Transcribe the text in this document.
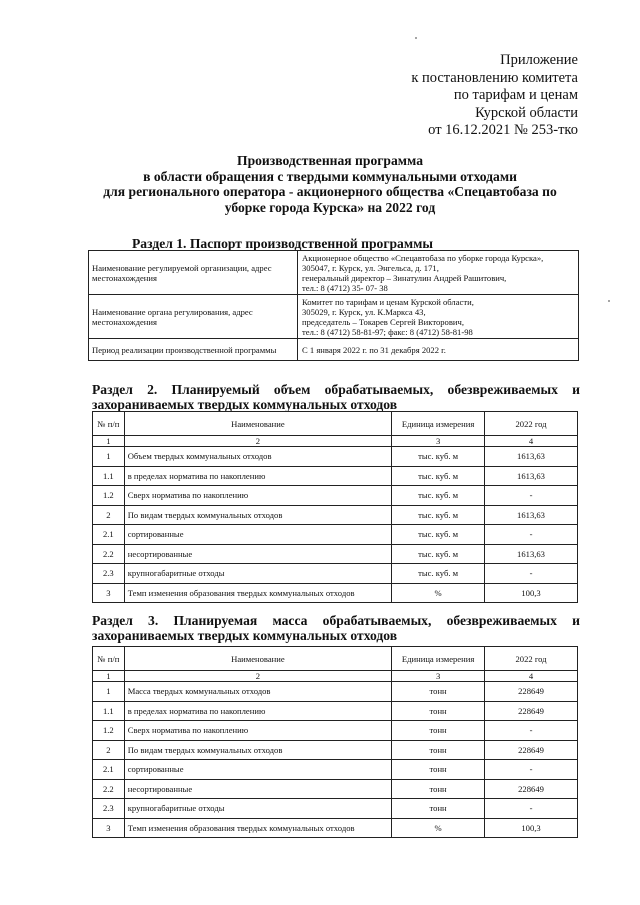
Приложение
к постановлению комитета
по тарифам и ценам
Курской области
от 16.12.2021 № 253-тко
Производственная программа
в области обращения с твердыми коммунальными отходами
для регионального оператора - акционерного общества «Спецавтобаза по
уборке города Курска» на 2022 год
Раздел 1. Паспорт производственной программы
Наименование регулируемой организации, адрес местонахождения	Акционерное общество «Спецавтобаза по уборке города Курска»,
305047, г. Курск, ул. Энгельса, д. 171,
генеральный директор – Зинатулин Андрей Рашитович,
тел.: 8 (4712) 35- 07- 38

Наименование органа регулирования, адрес местонахождения	Комитет по тарифам и ценам Курской области,
305029, г. Курск, ул. К.Маркса 43,
председатель – Токарев Сергей Викторович,
тел.: 8 (4712) 58-81-97; факс: 8 (4712) 58-81-98

Период реализации производственной программы	С 1 января 2022 г. по 31 декабря 2022 г.
Раздел 2. Планируемый объем обрабатываемых, обезвреживаемых и захораниваемых твердых коммунальных отходов
№ п/п	Наименование	Единица измерения	2022 год
1	2	3	4
1	Объем твердых коммунальных отходов	тыс. куб. м	1613,63
1.1	в пределах норматива по накоплению	тыс. куб. м	1613,63
1.2	Сверх норматива по накоплению	тыс. куб. м	-
2	По видам твердых коммунальных отходов	тыс. куб. м	1613,63
2.1	сортированные	тыс. куб. м	-
2.2	несортированные	тыс. куб. м	1613,63
2.3	крупногабаритные отходы	тыс. куб. м	-
3	Темп изменения образования твердых коммунальных отходов	%	100,3
Раздел 3. Планируемая масса обрабатываемых, обезвреживаемых и захораниваемых твердых коммунальных отходов
№ п/п	Наименование	Единица измерения	2022 год
1	2	3	4
1	Масса твердых коммунальных отходов	тонн	228649
1.1	в пределах норматива по накоплению	тонн	228649
1.2	Сверх норматива по накоплению	тонн	-
2	По видам твердых коммунальных отходов	тонн	228649
2.1	сортированные	тонн	-
2.2	несортированные	тонн	228649
2.3	крупногабаритные отходы	тонн	-
3	Темп изменения образования твердых коммунальных отходов	%	100,3
